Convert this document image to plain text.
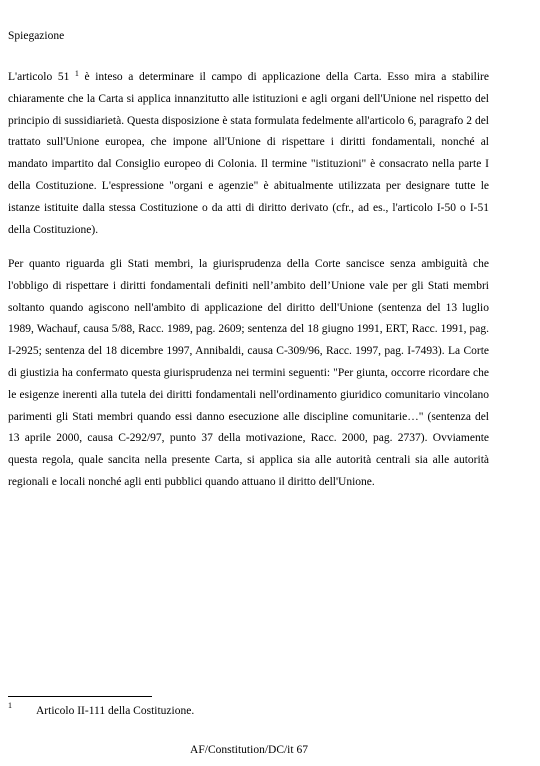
Spiegazione

L'articolo 51 $^1$ è inteso a determinare il campo di applicazione della Carta. Esso mira a stabilire chiaramente che la Carta si applica innanzitutto alle istituzioni e agli organi dell'Unione nel rispetto del principio di sussidiarietà. Questa disposizione è stata formulata fedelmente all'articolo 6, paragrafo 2 del trattato sull'Unione europea, che impone all'Unione di rispettare i diritti fondamentali, nonché al mandato impartito dal Consiglio europeo di Colonia. Il termine "istituzioni" è consacrato nella parte I della Costituzione. L'espressione "organi e agenzie" è abitualmente utilizzata per designare tutte le istanze istituite dalla stessa Costituzione o da atti di diritto derivato (cfr., ad es., l'articolo I-50 o I-51 della Costituzione).

Per quanto riguarda gli Stati membri, la giurisprudenza della Corte sancisce senza ambiguità che l'obbligo di rispettare i diritti fondamentali definiti nell’ambito dell’Unione vale per gli Stati membri soltanto quando agiscono nell'ambito di applicazione del diritto dell'Unione (sentenza del 13 luglio 1989, Wachauf, causa 5/88, Racc. 1989, pag. 2609; sentenza del 18 giugno 1991, ERT, Racc. 1991, pag. I-2925; sentenza del 18 dicembre 1997, Annibaldi, causa C-309/96, Racc. 1997, pag. I-7493). La Corte di giustizia ha confermato questa giurisprudenza nei termini seguenti: "Per giunta, occorre ricordare che le esigenze inerenti alla tutela dei diritti fondamentali nell'ordinamento giuridico comunitario vincolano parimenti gli Stati membri quando essi danno esecuzione alle discipline comunitarie…" (sentenza del 13 aprile 2000, causa C-292/97, punto 37 della motivazione, Racc. 2000, pag. 2737). Ovviamente questa regola, quale sancita nella presente Carta, si applica sia alle autorità centrali sia alle autorità regionali e locali nonché agli enti pubblici quando attuano il diritto dell'Unione.

1 Articolo II-111 della Costituzione.
AF/Constitution/DC/it 67
